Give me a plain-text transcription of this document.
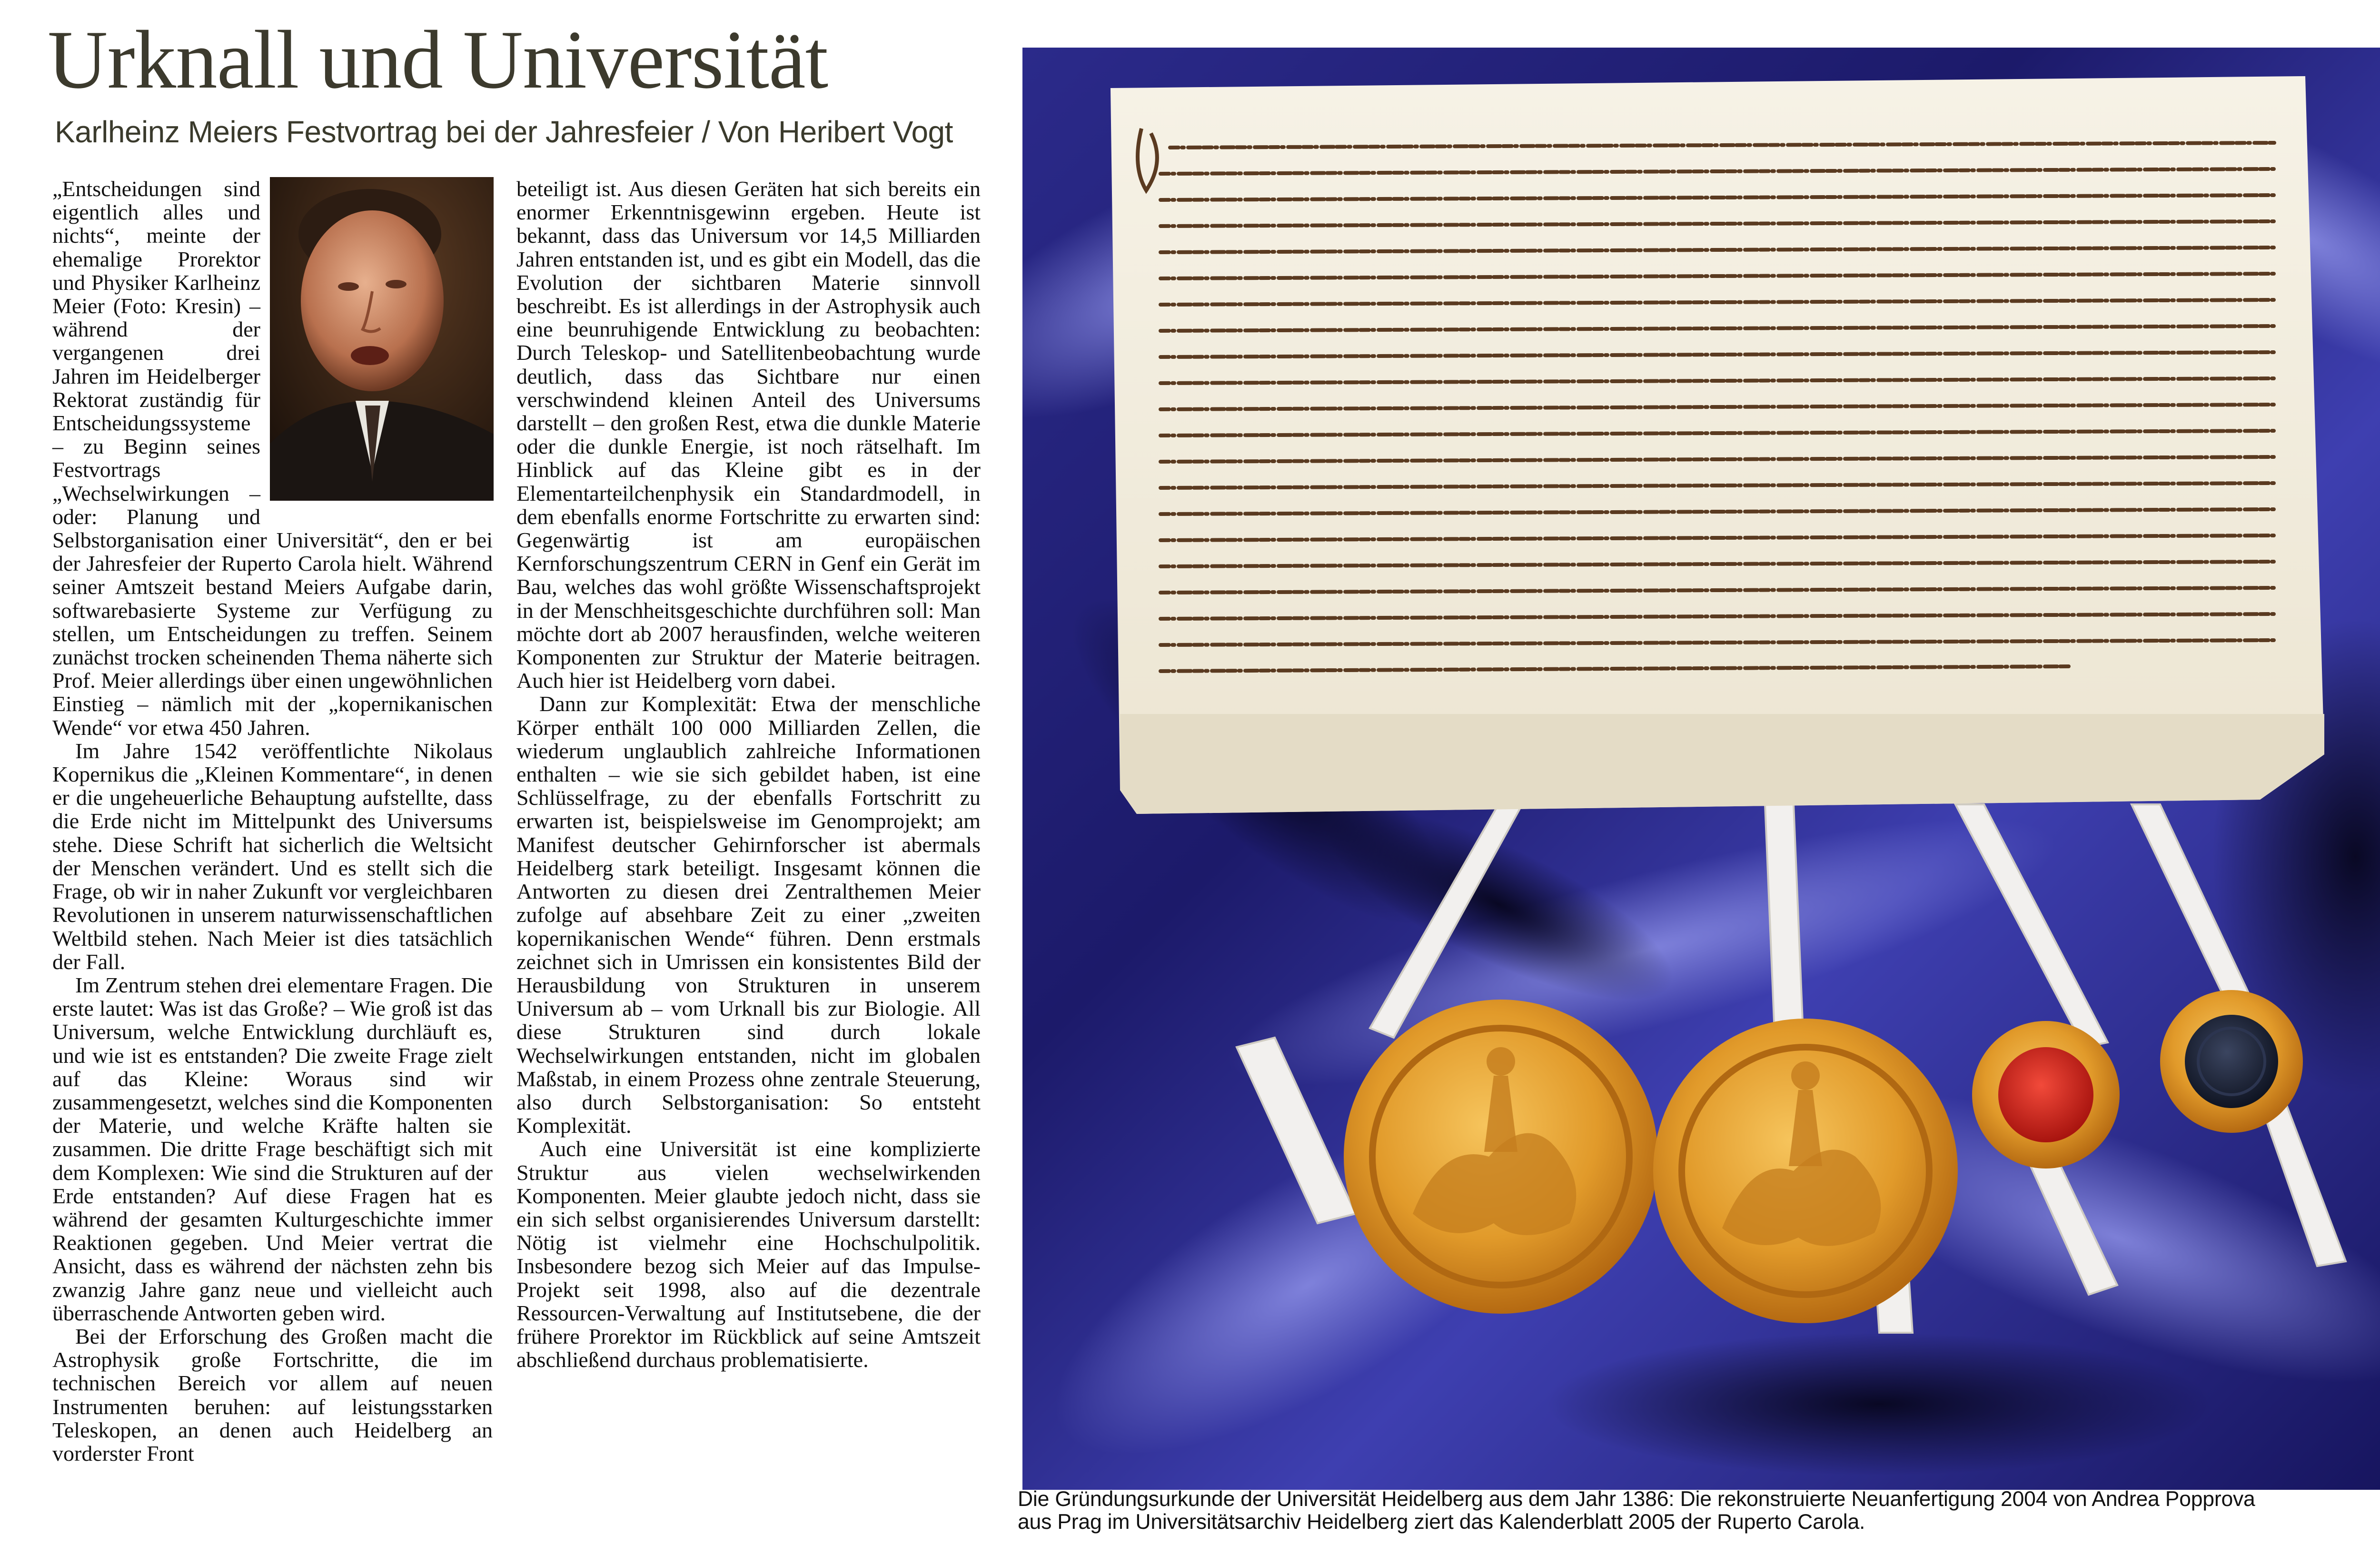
Urknall und Universität
Karlheinz Meiers Festvortrag bei der Jahresfeier / Von Heribert Vogt

„Entscheidungen sind eigentlich alles und nichts“, meinte der ehemalige Prorektor und Physiker Karlheinz Meier (Foto: Kresin) – während der vergangenen drei Jahren im Heidelberger Rektorat zuständig für Entscheidungssysteme – zu Beginn seines Festvortrags „Wechselwirkungen – oder: Planung und Selbstorganisation einer Universität“, den er bei der Jahresfeier der Ruperto Carola hielt. Während seiner Amtszeit bestand Meiers Aufgabe darin, softwarebasierte Systeme zur Verfügung zu stellen, um Entscheidungen zu treffen. Seinem zunächst trocken scheinenden Thema näherte sich Prof. Meier allerdings über einen ungewöhnlichen Einstieg – nämlich mit der „kopernikanischen Wende“ vor etwa 450 Jahren.

Im Jahre 1542 veröffentlichte Nikolaus Kopernikus die „Kleinen Kommentare“, in denen er die ungeheuerliche Behauptung aufstellte, dass die Erde nicht im Mittelpunkt des Universums stehe. Diese Schrift hat sicherlich die Weltsicht der Menschen verändert. Und es stellt sich die Frage, ob wir in naher Zukunft vor vergleichbaren Revolutionen in unserem naturwissenschaftlichen Weltbild stehen. Nach Meier ist dies tatsächlich der Fall.

Im Zentrum stehen drei elementare Fragen. Die erste lautet: Was ist das Große? – Wie groß ist das Universum, welche Entwicklung durchläuft es, und wie ist es entstanden? Die zweite Frage zielt auf das Kleine: Woraus sind wir zusammengesetzt, welches sind die Komponenten der Materie, und welche Kräfte halten sie zusammen. Die dritte Frage beschäftigt sich mit dem Komplexen: Wie sind die Strukturen auf der Erde entstanden? Auf diese Fragen hat es während der gesamten Kulturgeschichte immer Reaktionen gegeben. Und Meier vertrat die Ansicht, dass es während der nächsten zehn bis zwanzig Jahre ganz neue und vielleicht auch überraschende Antworten geben wird.

Bei der Erforschung des Großen macht die Astrophysik große Fortschritte, die im technischen Bereich vor allem auf neuen Instrumenten beruhen: auf leistungsstarken Teleskopen, an denen auch Heidelberg an vorderster Front

beteiligt ist. Aus diesen Geräten hat sich bereits ein enormer Erkenntnisgewinn ergeben. Heute ist bekannt, dass das Universum vor 14,5 Milliarden Jahren entstanden ist, und es gibt ein Modell, das die Evolution der sichtbaren Materie sinnvoll beschreibt. Es ist allerdings in der Astrophysik auch eine beunruhigende Entwicklung zu beobachten: Durch Teleskop- und Satellitenbeobachtung wurde deutlich, dass das Sichtbare nur einen verschwindend kleinen Anteil des Universums darstellt – den großen Rest, etwa die dunkle Materie oder die dunkle Energie, ist noch rätselhaft. Im Hinblick auf das Kleine gibt es in der Elementarteilchenphysik ein Standardmodell, in dem ebenfalls enorme Fortschritte zu erwarten sind: Gegenwärtig ist am europäischen Kernforschungszentrum CERN in Genf ein Gerät im Bau, welches das wohl größte Wissenschaftsprojekt in der Menschheitsgeschichte durchführen soll: Man möchte dort ab 2007 herausfinden, welche weiteren Komponenten zur Struktur der Materie beitragen. Auch hier ist Heidelberg vorn dabei.

Dann zur Komplexität: Etwa der menschliche Körper enthält 100 000 Milliarden Zellen, die wiederum unglaublich zahlreiche Informationen enthalten – wie sie sich gebildet haben, ist eine Schlüsselfrage, zu der ebenfalls Fortschritt zu erwarten ist, beispielsweise im Genomprojekt; am Manifest deutscher Gehirnforscher ist abermals Heidelberg stark beteiligt. Insgesamt können die Antworten zu diesen drei Zentralthemen Meier zufolge auf absehbare Zeit zu einer „zweiten kopernikanischen Wende“ führen. Denn erstmals zeichnet sich in Umrissen ein konsistentes Bild der Herausbildung von Strukturen in unserem Universum ab – vom Urknall bis zur Biologie. All diese Strukturen sind durch lokale Wechselwirkungen entstanden, nicht im globalen Maßstab, in einem Prozess ohne zentrale Steuerung, also durch Selbstorganisation: So entsteht Komplexität.

Auch eine Universität ist eine komplizierte Struktur aus vielen wechselwirkenden Komponenten. Meier glaubte jedoch nicht, dass sie ein sich selbst organisierendes Universum darstellt: Nötig ist vielmehr eine Hochschulpolitik. Insbesondere bezog sich Meier auf das Impulse-Projekt seit 1998, also auf die dezentrale Ressourcen-Verwaltung auf Institutsebene, die der frühere Prorektor im Rückblick auf seine Amtszeit abschließend durchaus problematisierte.

Die Gründungsurkunde der Universität Heidelberg aus dem Jahr 1386: Die rekonstruierte Neuanfertigung 2004 von Andrea Popprova

aus Prag im Universitätsarchiv Heidelberg ziert das Kalenderblatt 2005 der Ruperto Carola.
